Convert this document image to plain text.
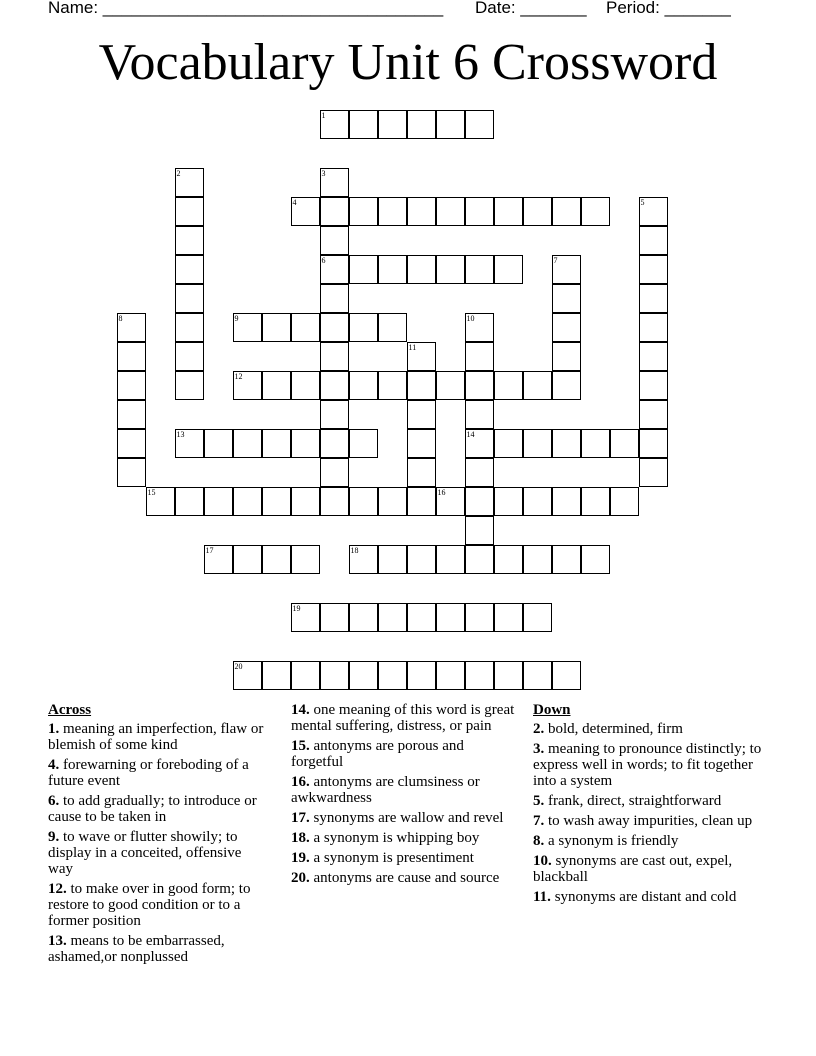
Name: ____________________________________ Date: _______ Period: _______
Vocabulary Unit 6 Crossword
1
2	3
6
4	5
7
8	9	10
14
11
12
13
15	16
17	18
19
20
Across
1. meaning an imperfection, flaw or blemish of some kind
4. forewarning or foreboding of a future event
6. to add gradually; to introduce or cause to be taken in
9. to wave or flutter showily; to display in a conceited, offensive way
12. to make over in good form; to restore to good condition or to a former position
13. means to be embarrassed, ashamed,or nonplussed
14. one meaning of this word is great mental suffering, distress, or pain
15. antonyms are porous and forgetful
16. antonyms are clumsiness or awkwardness
17. synonyms are wallow and revel
18. a synonym is whipping boy
19. a synonym is presentiment
20. antonyms are cause and source
Down
2. bold, determined, firm
3. meaning to pronounce distinctly; to express well in words; to fit together into a system
5. frank, direct, straightforward
7. to wash away impurities, clean up
8. a synonym is friendly
10. synonyms are cast out, expel, blackball
11. synonyms are distant and cold
